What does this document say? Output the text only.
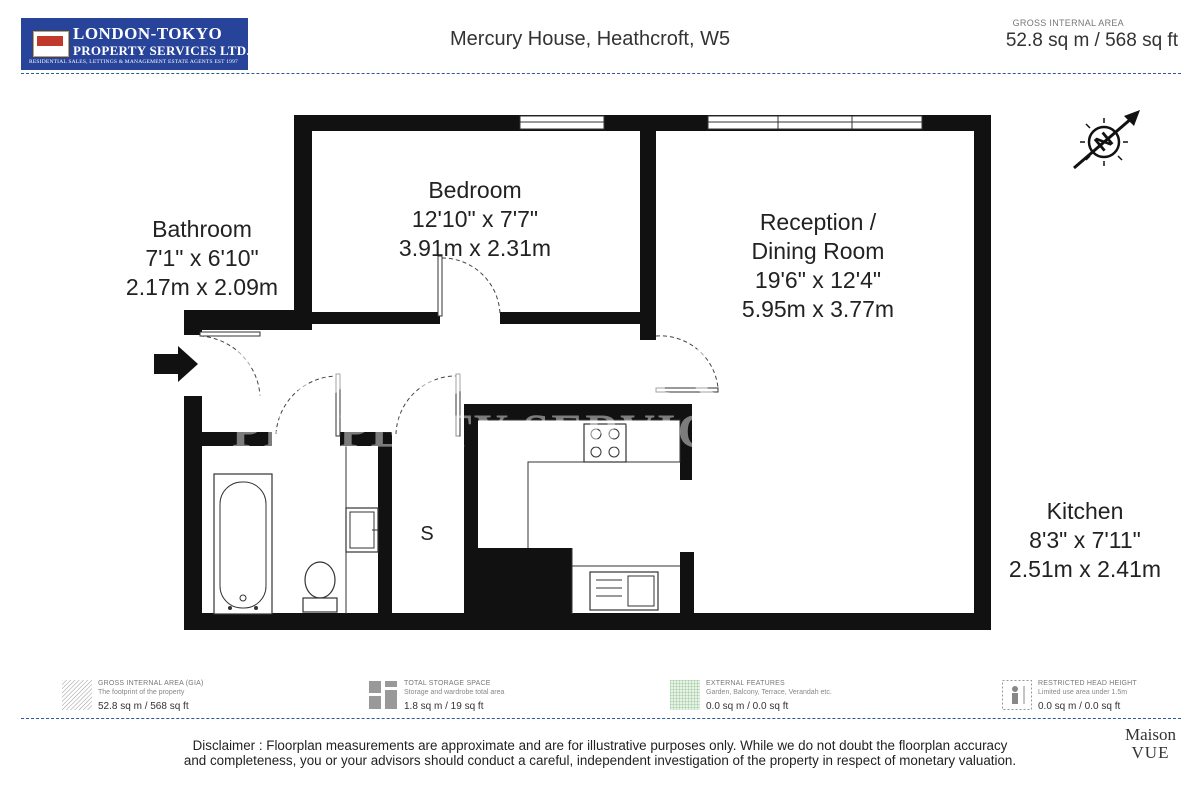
LONDON-TOKYO
PROPERTY SERVICES LTD.
RESIDENTIAL SALES, LETTINGS & MANAGEMENT ESTATE AGENTS EST 1997
Mercury House, Heathcroft, W5
GROSS INTERNAL AREA
52.8 sq m / 568 sq ft
N
LONDON-TOKYO
PROPERTY SERVICES LTD.
Bedroom
12'10" x 7'7"
3.91m x 2.31m
Bathroom
7'1" x 6'10"
2.17m x 2.09m
Reception /
Dining Room
19'6" x 12'4"
5.95m x 3.77m
Kitchen
8'3" x 7'11"
2.51m x 2.41m
S
GROSS INTERNAL AREA (GIA)
The footprint of the property
52.8 sq m / 568 sq ft
TOTAL STORAGE SPACE
Storage and wardrobe total area
1.8 sq m / 19 sq ft
EXTERNAL FEATURES
Garden, Balcony, Terrace, Verandah etc.
0.0 sq m / 0.0 sq ft
RESTRICTED HEAD HEIGHT
Limited use area under 1.5m
0.0 sq m / 0.0 sq ft
Disclaimer : Floorplan measurements are approximate and are for illustrative purposes only. While we do not doubt the floorplan accuracy
and completeness, you or your advisors should conduct a careful, independent investigation of the property in respect of monetary valuation.
Maison
VUE
